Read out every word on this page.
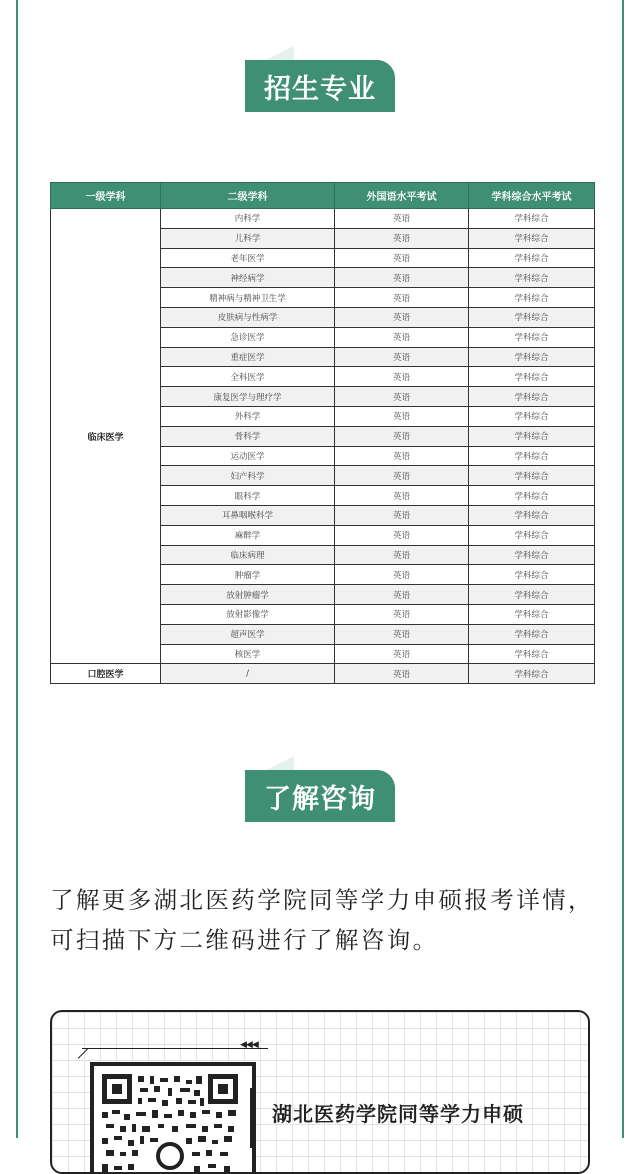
招生专业
一级学科	二级学科	外国语水平考试	学科综合水平考试
临床医学	内科学	英语	学科综合
	儿科学	英语	学科综合
	老年医学	英语	学科综合
	神经病学	英语	学科综合
	精神病与精神卫生学	英语	学科综合
	皮肤病与性病学	英语	学科综合
	急诊医学	英语	学科综合
	重症医学	英语	学科综合
	全科医学	英语	学科综合
	康复医学与理疗学	英语	学科综合
	外科学	英语	学科综合
	骨科学	英语	学科综合
	运动医学	英语	学科综合
	妇产科学	英语	学科综合
	眼科学	英语	学科综合
	耳鼻咽喉科学	英语	学科综合
	麻醉学	英语	学科综合
	临床病理	英语	学科综合
	肿瘤学	英语	学科综合
	放射肿瘤学	英语	学科综合
	放射影像学	英语	学科综合
	超声医学	英语	学科综合
	核医学	英语	学科综合
口腔医学	/	英语	学科综合
了解咨询
了解更多湖北医药学院同等学力申硕报考详情，可扫描下方二维码进行了解咨询。
◀◀◀
湖北医药学院同等学力申硕
